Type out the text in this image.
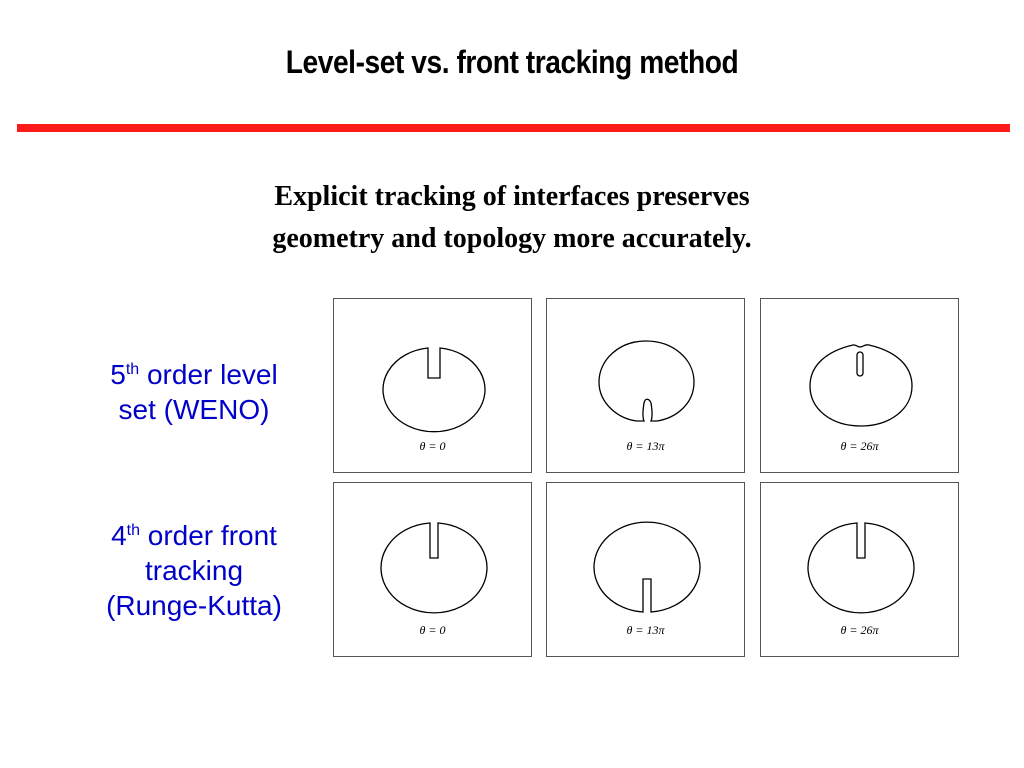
Level-set vs. front tracking method
Explicit tracking of interfaces preserves
geometry and topology more accurately.
5th order level
set (WENO)
4th order front
tracking
(Runge-Kutta)
θ = 0	θ = 13π	θ = 26π
θ = 0	θ = 13π	θ = 26π
